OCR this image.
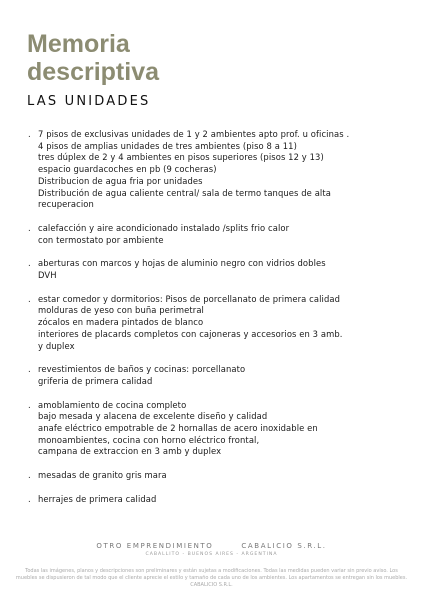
Memoria
descriptiva
LAS UNIDADES
. 7 pisos de exclusivas unidades de 1 y 2 ambientes apto prof. u oficinas .
4 pisos de amplias unidades de tres ambientes (piso 8 a 11)
tres dúplex de 2 y 4 ambientes en pisos superiores (pisos 12 y 13)
espacio guardacoches en pb (9 cocheras)
Distribucion de agua fria por unidades
Distribución de agua caliente central/ sala de termo tanques de alta
recuperacion
. calefacción y aire acondicionado instalado /splits frio calor
con termostato por ambiente
. aberturas con marcos y hojas de aluminio negro con vidrios dobles
DVH
. estar comedor y dormitorios: Pisos de porcellanato de primera calidad
molduras de yeso con buña perimetral
zócalos en madera pintados de blanco
interiores de placards completos con cajoneras y accesorios en 3 amb.
y duplex
. revestimientos de baños y cocinas: porcellanato
griferia de primera calidad
. amoblamiento de cocina completo
bajo mesada y alacena de excelente diseño y calidad
anafe eléctrico empotrable de 2 hornallas de acero inoxidable en
monoambientes, cocina con horno eléctrico frontal,
campana de extraccion en 3 amb y duplex
. mesadas de granito gris mara
. herrajes de primera calidad
OTRO EMPRENDIMIENTO	CABALICIO S.R.L.
CABALLITO - BUENOS AIRES - ARGENTINA
Todas las imágenes, planos y descripciones son preliminares y están sujetas a modificaciones. Todas las medidas pueden variar sin previo aviso. Los muebles se dispusieron de tal modo que el cliente aprecie el estilo y tamaño de cada uno de los ambientes. Los apartamentos se entregan sin los muebles. CABALICIO S.R.L.
